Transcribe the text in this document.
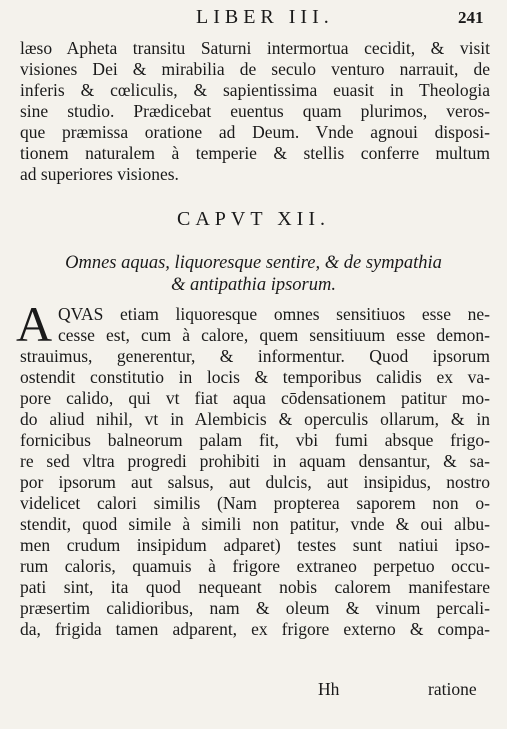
LIBER III.	241
læso Apheta transitu Saturni intermortua cecidit, & visit
visiones Dei & mirabilia de seculo venturo narrauit, de
inferis & cœliculis, & sapientissima euasit in Theologia
sine studio. Prædicebat euentus quam plurimos, veros-
que præmissa oratione ad Deum. Vnde agnoui disposi-
tionem naturalem à temperie & stellis conferre multum
ad superiores visiones.
CAPVT XII.
Omnes aquas, liquoresque sentire, & de sympathia
& antipathia ipsorum.
A QVAS etiam liquoresque omnes sensitiuos esse ne-
cesse est, cum à calore, quem sensitiuum esse demon-
strauimus, generentur, & informentur. Quod ipsorum
ostendit constitutio in locis & temporibus calidis ex va-
pore calido, qui vt fiat aqua cōdensationem patitur mo-
do aliud nihil, vt in Alembicis & operculis ollarum, & in
fornicibus balneorum palam fit, vbi fumi absque frigo-
re sed vltra progredi prohibiti in aquam densantur, & sa-
por ipsorum aut salsus, aut dulcis, aut insipidus, nostro
videlicet calori similis (Nam propterea saporem non o-
stendit, quod simile à simili non patitur, vnde & oui albu-
men crudum insipidum adparet) testes sunt natiui ipso-
rum caloris, quamuis à frigore extraneo perpetuo occu-
pati sint, ita quod nequeant nobis calorem manifestare
præsertim calidioribus, nam & oleum & vinum percali-
da, frigida tamen adparent, ex frigore externo & compa-
Hh	ratione
